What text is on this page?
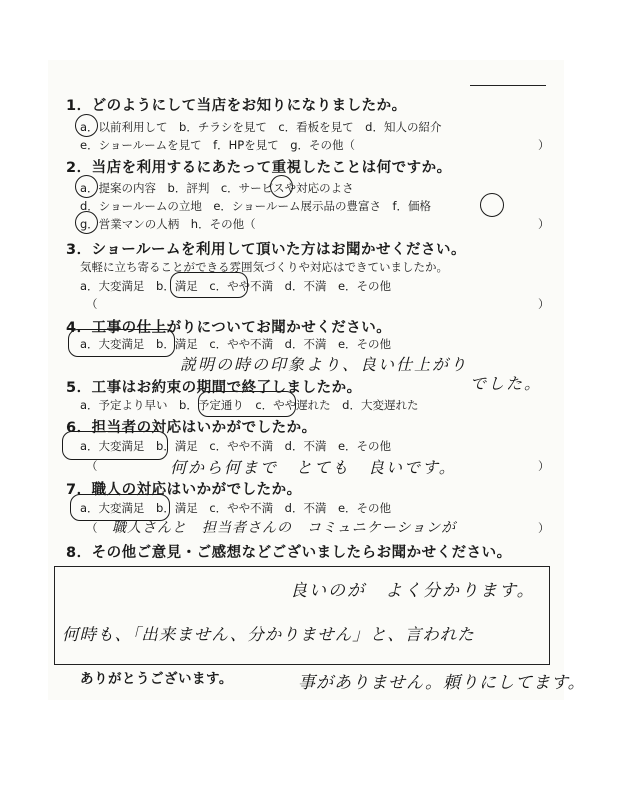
1．どのようにして当店をお知りになりましたか。
a．以前利用して　b．チラシを見て　c．看板を見て　d．知人の紹介
e．ショールームを見て　f．HPを見て　g．その他（	）
2．当店を利用するにあたって重視したことは何ですか。
a．提案の内容　b．評判　c．サービスや対応のよさ
d．ショールームの立地　e．ショールーム展示品の豊富さ　f．価格
g．営業マンの人柄　h．その他（	）
3．ショールームを利用して頂いた方はお聞かせください。
気軽に立ち寄ることができる雰囲気づくりや対応はできていましたか。
a．大変満足　b．満足　c．やや不満　d．不満　e．その他
（	）
4．工事の仕上がりについてお聞かせください。
a．大変満足　b．満足　c．やや不満　d．不満　e．その他
説明の時の印象より、良い仕上がり
でした。
5．工事はお約束の期間で終了しましたか。
a．予定より早い　b．予定通り　c．やや遅れた　d．大変遅れた
6．担当者の対応はいかがでしたか。
a．大変満足　b．満足　c．やや不満　d．不満　e．その他
（	何から何まで　とても　良いです。	）
7．職人の対応はいかがでしたか。
a．大変満足　b．満足　c．やや不満　d．不満　e．その他
（ 職人さんと　担当者さんの　コミュニケーションが	）
8．その他ご意見・ご感想などございましたらお聞かせください。
良いのが　よく分かります。
何時も、「出来ません、分かりません」と、言われた
ありがとうございます。	事がありません。頼りにしてます。
